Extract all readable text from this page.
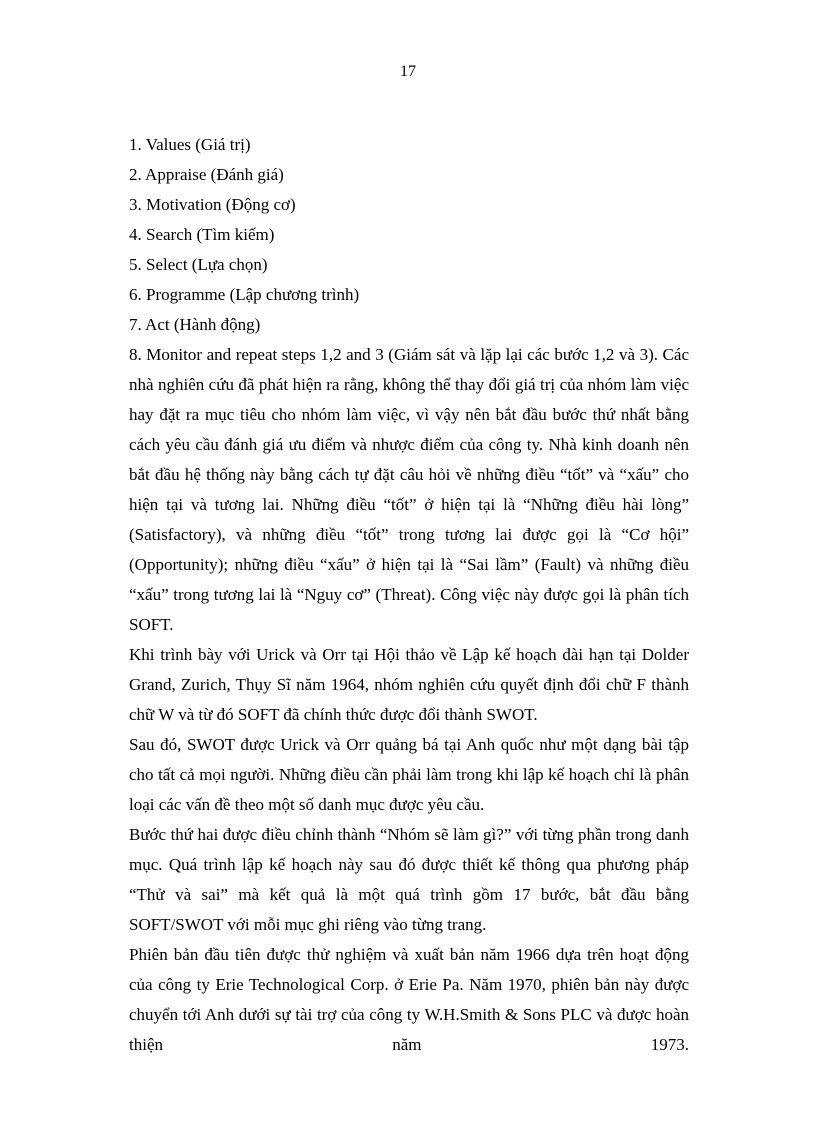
17

1. Values (Giá trị)

2. Appraise (Đánh giá)

3. Motivation (Động cơ)

4. Search (Tìm kiếm)

5. Select (Lựa chọn)

6. Programme (Lập chương trình)

7. Act (Hành động)

8. Monitor and repeat steps 1,2 and 3 (Giám sát và lặp lại các bước 1,2 và 3). Các nhà nghiên cứu đã phát hiện ra rằng, không thể thay đổi giá trị của nhóm làm việc hay đặt ra mục tiêu cho nhóm làm việc, vì vậy nên bắt đầu bước thứ nhất bằng cách yêu cầu đánh giá ưu điểm và nhược điểm của công ty. Nhà kinh doanh nên bắt đầu hệ thống này bằng cách tự đặt câu hỏi về những điều “tốt” và “xấu” cho hiện tại và tương lai. Những điều “tốt” ở hiện tại là “Những điều hài lòng” (Satisfactory), và những điều “tốt” trong tương lai được gọi là “Cơ hội” (Opportunity); những điều “xấu” ở hiện tại là “Sai lầm” (Fault) và những điều “xấu” trong tương lai là “Nguy cơ” (Threat). Công việc này được gọi là phân tích SOFT.

Khi trình bày với Urick và Orr tại Hội thảo về Lập kế hoạch dài hạn tại Dolder Grand, Zurich, Thụy Sĩ năm 1964, nhóm nghiên cứu quyết định đổi chữ F thành chữ W và từ đó SOFT đã chính thức được đổi thành SWOT.

Sau đó, SWOT được Urick và Orr quảng bá tại Anh quốc như một dạng bài tập cho tất cả mọi người. Những điều cần phải làm trong khi lập kế hoạch chỉ là phân loại các vấn đề theo một số danh mục được yêu cầu.

Bước thứ hai được điều chỉnh thành “Nhóm sẽ làm gì?” với từng phần trong danh mục. Quá trình lập kế hoạch này sau đó được thiết kế thông qua phương pháp “Thử và sai” mà kết quả là một quá trình gồm 17 bước, bắt đầu bằng SOFT/SWOT với mỗi mục ghi riêng vào từng trang.

Phiên bản đầu tiên được thử nghiệm và xuất bản năm 1966 dựa trên hoạt động của công ty Erie Technological Corp. ở Erie Pa. Năm 1970, phiên bản này được chuyển tới Anh dưới sự tài trợ của công ty W.H.Smith & Sons PLC và được hoàn thiện năm 1973.
